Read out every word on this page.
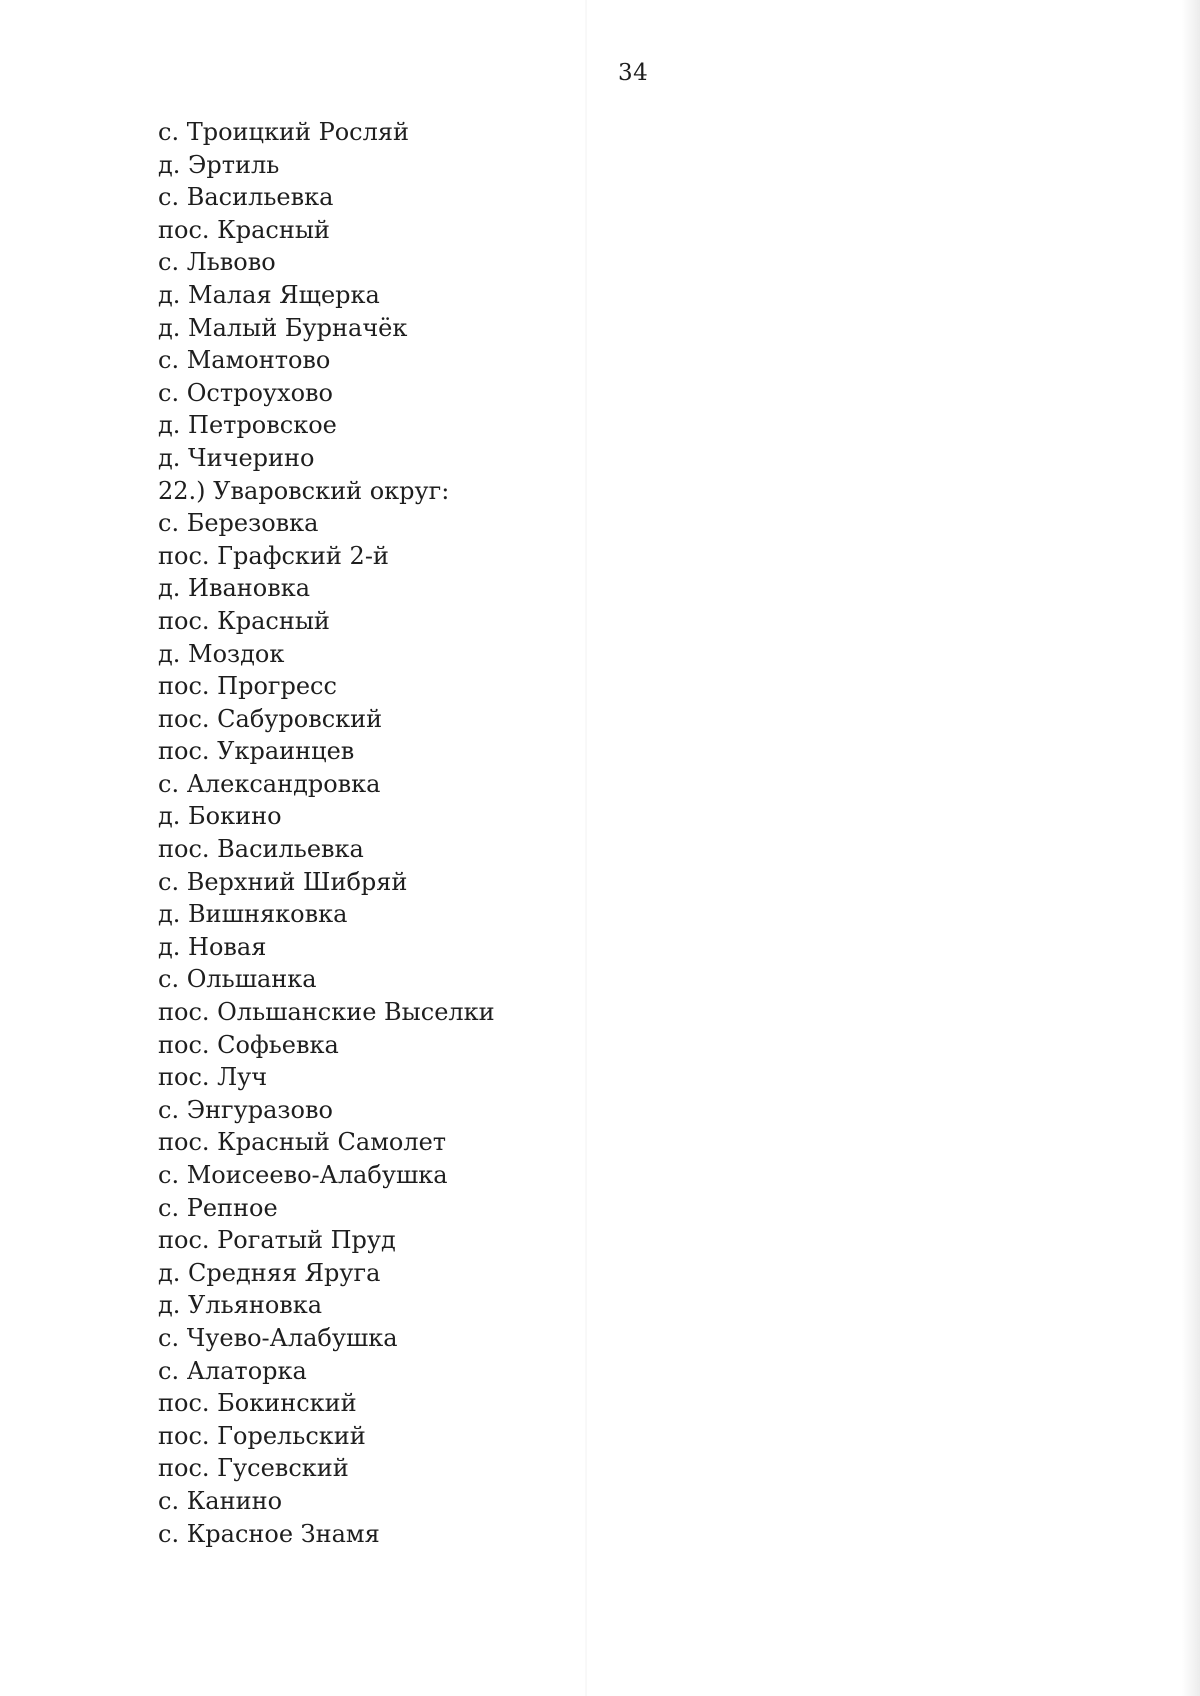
34
с. Троицкий Росляй
д. Эртиль
с. Васильевка
пос. Красный
с. Львово
д. Малая Ящерка
д. Малый Бурначёк
с. Мамонтово
с. Остроухово
д. Петровское
д. Чичерино
22.) Уваровский округ:
с. Березовка
пос. Графский 2-й
д. Ивановка
пос. Красный
д. Моздок
пос. Прогресс
пос. Сабуровский
пос. Украинцев
с. Александровка
д. Бокино
пос. Васильевка
с. Верхний Шибряй
д. Вишняковка
д. Новая
с. Ольшанка
пос. Ольшанские Выселки
пос. Софьевка
пос. Луч
с. Энгуразово
пос. Красный Самолет
с. Моисеево-Алабушка
с. Репное
пос. Рогатый Пруд
д. Средняя Яруга
д. Ульяновка
с. Чуево-Алабушка
с. Алаторка
пос. Бокинский
пос. Горельский
пос. Гусевский
с. Канино
с. Красное Знамя
